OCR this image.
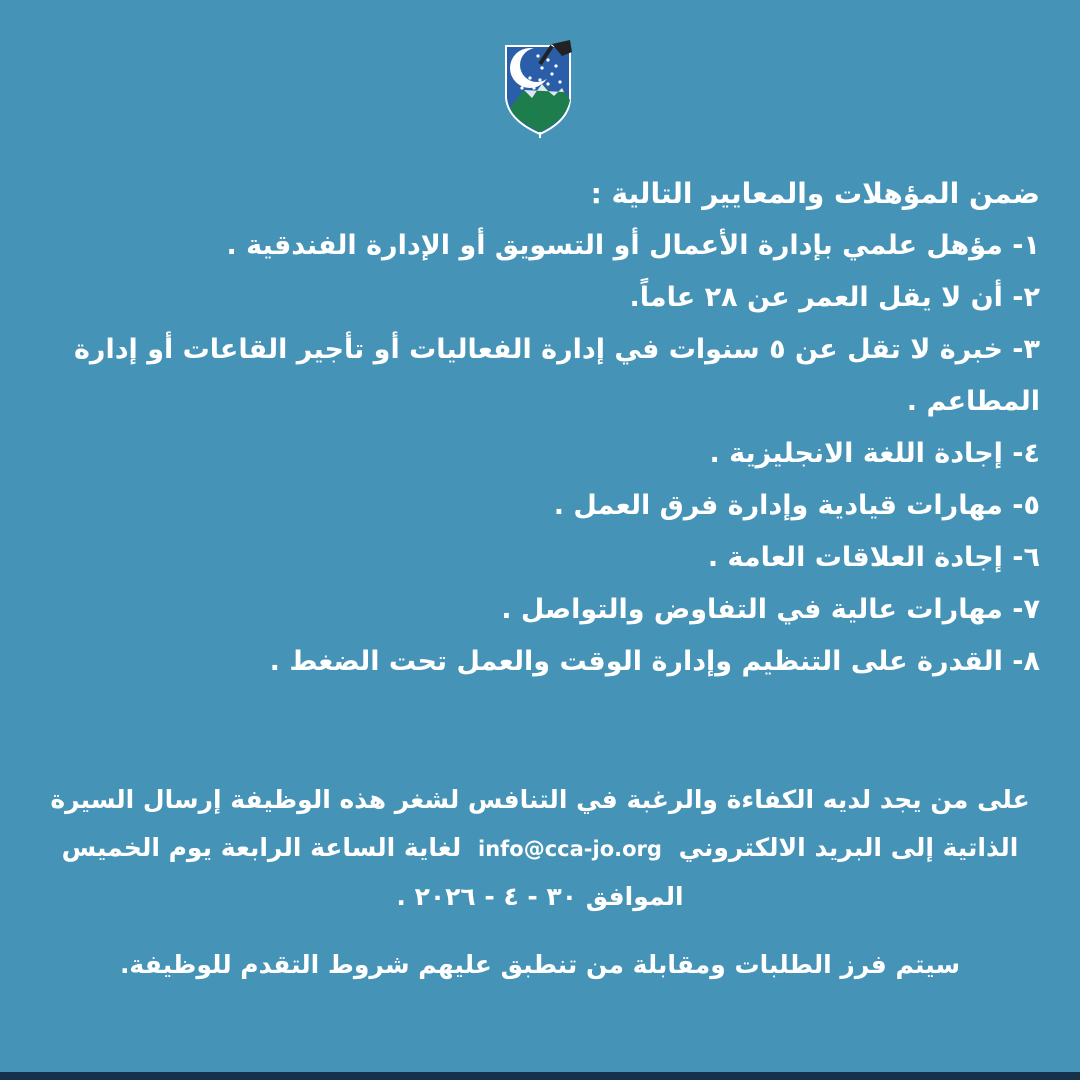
ضمن المؤهلات والمعايير التالية :

١- مؤهل علمي بإدارة الأعمال أو التسويق أو الإدارة الفندقية .

٢- أن لا يقل العمر عن ٢٨ عاماً.

٣- خبرة لا تقل عن ٥ سنوات في إدارة الفعاليات أو تأجير القاعات أو إدارة المطاعم .

٤- إجادة اللغة الانجليزية .

٥- مهارات قيادية وإدارة فرق العمل .

٦- إجادة العلاقات العامة .

٧- مهارات عالية في التفاوض والتواصل .

٨- القدرة على التنظيم وإدارة الوقت والعمل تحت الضغط .

على من يجد لديه الكفاءة والرغبة في التنافس لشغر هذه الوظيفة إرسال السيرة الذاتية إلى البريد الالكتروني info@cca-jo.org لغاية الساعة الرابعة يوم الخميس الموافق ٣٠ - ٤ - ٢٠٢٦ .

سيتم فرز الطلبات ومقابلة من تنطبق عليهم شروط التقدم للوظيفة.
